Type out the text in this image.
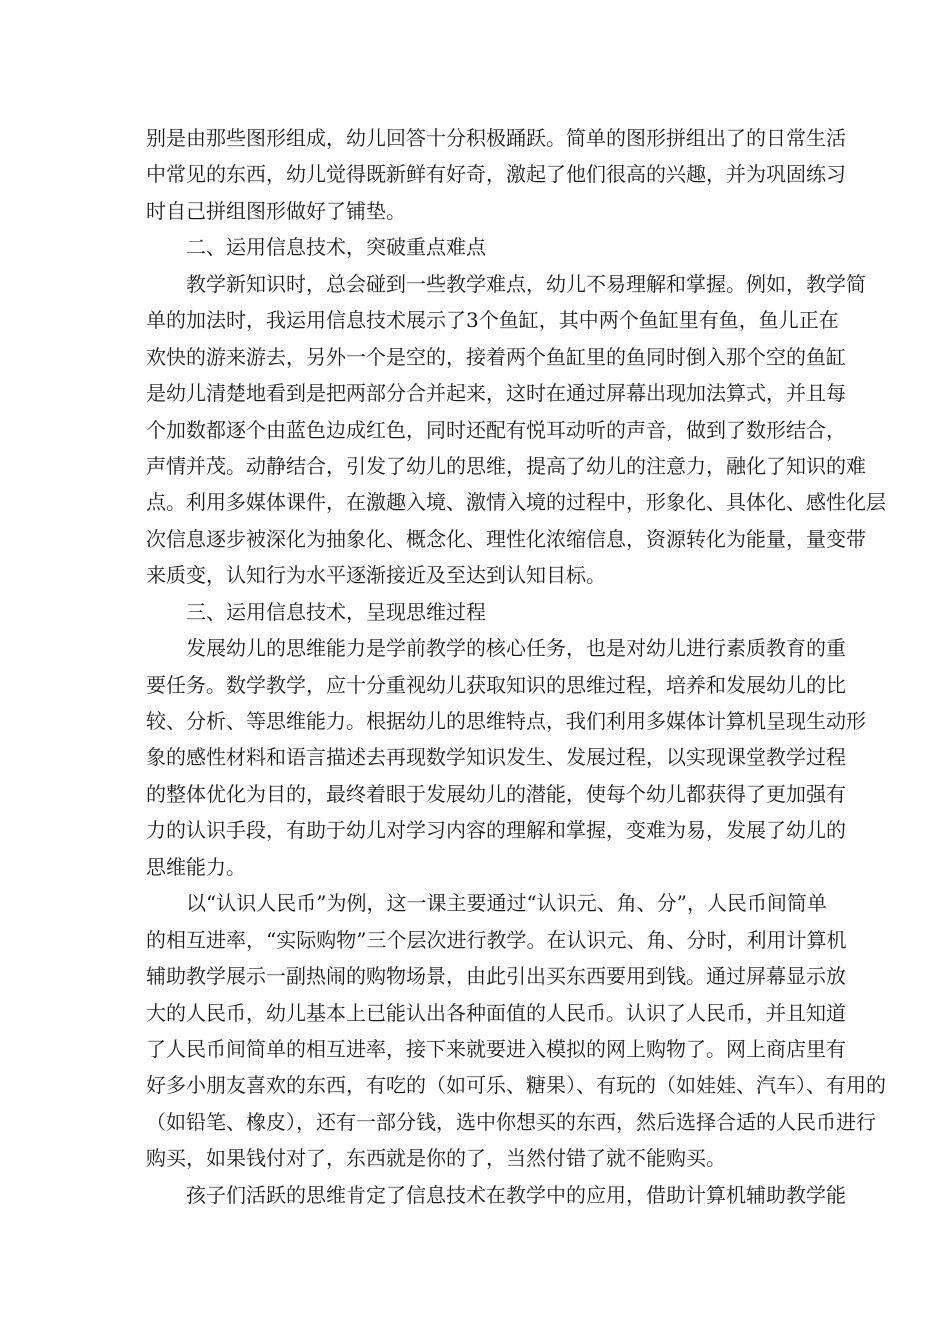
别是由那些图形组成，幼儿回答十分积极踊跃。简单的图形拼组出了的日常生活
中常见的东西，幼儿觉得既新鲜有好奇，激起了他们很高的兴趣，并为巩固练习
时自己拼组图形做好了铺垫。
二、运用信息技术，突破重点难点
教学新知识时，总会碰到一些教学难点，幼儿不易理解和掌握。例如，教学简
单的加法时，我运用信息技术展示了3个鱼缸，其中两个鱼缸里有鱼，鱼儿正在
欢快的游来游去，另外一个是空的，接着两个鱼缸里的鱼同时倒入那个空的鱼缸
是幼儿清楚地看到是把两部分合并起来，这时在通过屏幕出现加法算式，并且每
个加数都逐个由蓝色边成红色，同时还配有悦耳动听的声音，做到了数形结合，
声情并茂。动静结合，引发了幼儿的思维，提高了幼儿的注意力，融化了知识的难
点。利用多媒体课件，在激趣入境、激情入境的过程中，形象化、具体化、感性化层
次信息逐步被深化为抽象化、概念化、理性化浓缩信息，资源转化为能量，量变带
来质变，认知行为水平逐渐接近及至达到认知目标。
三、运用信息技术，呈现思维过程
发展幼儿的思维能力是学前教学的核心任务，也是对幼儿进行素质教育的重
要任务。数学教学，应十分重视幼儿获取知识的思维过程，培养和发展幼儿的比
较、分析、等思维能力。根据幼儿的思维特点，我们利用多媒体计算机呈现生动形
象的感性材料和语言描述去再现数学知识发生、发展过程，以实现课堂教学过程
的整体优化为目的，最终着眼于发展幼儿的潜能，使每个幼儿都获得了更加强有
力的认识手段，有助于幼儿对学习内容的理解和掌握，变难为易，发展了幼儿的
思维能力。
以“认识人民币”为例，这一课主要通过“认识元、角、分”，人民币间简单
的相互进率，“实际购物”三个层次进行教学。在认识元、角、分时，利用计算机
辅助教学展示一副热闹的购物场景，由此引出买东西要用到钱。通过屏幕显示放
大的人民币，幼儿基本上已能认出各种面值的人民币。认识了人民币，并且知道
了人民币间简单的相互进率，接下来就要进入模拟的网上购物了。网上商店里有
好多小朋友喜欢的东西，有吃的（如可乐、糖果）、有玩的（如娃娃、汽车）、有用的
（如铅笔、橡皮），还有一部分钱，选中你想买的东西，然后选择合适的人民币进行
购买，如果钱付对了，东西就是你的了，当然付错了就不能购买。
孩子们活跃的思维肯定了信息技术在教学中的应用，借助计算机辅助教学能
